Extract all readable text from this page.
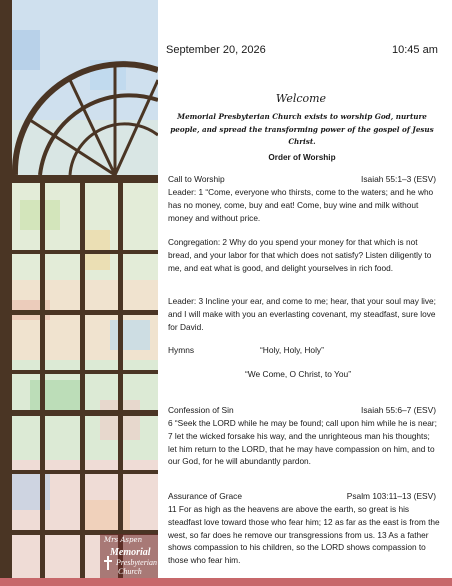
Mrs Aspen
Memorial
Presbyterian
Church
September 20, 2026	10:45 am
Welcome
Memorial Presbyterian Church exists to worship God, nurture people, and spread the transforming power of the gospel of Jesus Christ.
Order of Worship
Call to Worship	Isaiah 55:1–3 (ESV)
Leader: 1 “Come, everyone who thirsts, come to the waters; and he who has no money, come, buy and eat! Come, buy wine and milk without money and without price.
Congregation: 2 Why do you spend your money for that which is not bread, and your labor for that which does not satisfy? Listen diligently to me, and eat what is good, and delight yourselves in rich food.
Leader: 3 Incline your ear, and come to me; hear, that your soul may live; and I will make with you an everlasting covenant, my steadfast, sure love for David.
Hymns	“Holy, Holy, Holy”
“We Come, O Christ, to You”
Confession of Sin	Isaiah 55:6–7 (ESV)
6 “Seek the LORD while he may be found; call upon him while he is near; 7 let the wicked forsake his way, and the unrighteous man his thoughts; let him return to the LORD, that he may have compassion on him, and to our God, for he will abundantly pardon.
Assurance of Grace	Psalm 103:11–13 (ESV)
11 For as high as the heavens are above the earth, so great is his steadfast love toward those who fear him; 12 as far as the east is from the west, so far does he remove our transgressions from us. 13 As a father shows compassion to his children, so the LORD shows compassion to those who fear him.
